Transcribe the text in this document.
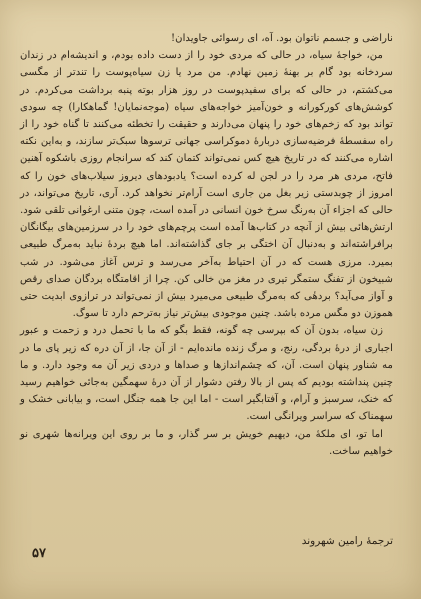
ناراضی و جسمم ناتوان بود. آه، ای رسوائی جاویدان!

من، خواجهٔ سیاه، در حالی که مردی خود را از دست داده بودم، و اندیشه‌ام در زندان سردخانه بود گام بر بهنهٔ زمین نهادم. من مرد یا زن سیاه‌پوست را تندتر از مگسی می‌کشتم، در حالی که برای سفیدپوست در روز هزار بوته پنبه برداشت می‌کردم. در کوشش‌های کورکورانه و خون‌آمیز خواجه‌های سیاه (موجه‌نمایان! گماهکارا) چه سودی تواند بود که زخم‌های خود را پنهان می‌دارند و حقیقت را تخطئه می‌کنند تا گناه خود را از راه سفسطهٔ فرضیه‌سازی دربارهٔ دموکراسی جهانی ترسوها سبک‌تر سازند، و به‌این نکته اشاره می‌کنند که در تاریخ هیچ کس نمی‌تواند کتمان کند که سرانجام روزی باشکوه آهنین فاتح، مردی هر مرد را در لجن له کرده است؟ یادبودهای دیروز سیلاب‌های خون را که امروز از چوبدستی زیر بغل من جاری است آرام‌تر نخواهد کرد. آری، تاریخ می‌تواند، در حالی که اجزاء آن به‌رنگ سرخ خون انسانی در آمده است، چون متنی ارغوانی تلقی شود. ارتش‌هائی بیش از آنچه در کتاب‌ها آمده است پرچم‌های خود را در سرزمین‌های بیگانگان برافراشته‌اند و به‌دنبال آن اختگی بر جای گذاشته‌اند. اما هیچ بردهٔ نباید به‌مرگ طبیعی بمیرد. مرزی هست که در آن احتیاط به‌آخر می‌رسد و ترس آغاز می‌شود. در شب شبیخون از تفنگ ستمگر تیری در مغز من خالی کن. چرا از اقامتگاه بردگان صدای رقص و آواز می‌آید؟ بردهٔی که به‌مرگ طبیعی می‌میرد بیش از نمی‌تواند در ترازوی ابدیت حتی هموزن دو مگس مرده باشد. چنین موجودی بیش‌تر نیاز به‌ترحم دارد تا سوگ.

زن سیاه، بدون آن که بپرسی چه گونه، فقط بگو که ما با تحمل درد و زحمت و عبور اجباری از درهٔ بردگی، رنج، و مرگ زنده مانده‌ایم - از آن جا، از آن دره که زیر پای ما در مه شناور پنهان است. آن، که چشم‌اندازها و صداها و دردی زیر آن مه وجود دارد. و ما چنین پنداشته بودیم که پس از بالا رفتن دشوار از آن درهٔ سهمگین به‌جائی خواهیم رسید که خنک، سرسبز و آرام، و آفتابگیر است - اما این جا همه جنگل است، و بیابانی خشک و سهمناک که سراسر ویرانگی است.

اما تو، ای ملکهٔ من، دیهیم خویش بر سر گذار، و ما بر روی این ویرانه‌ها شهری نو خواهیم ساخت.

ترجمهٔ رامین شهروند
۵۷
